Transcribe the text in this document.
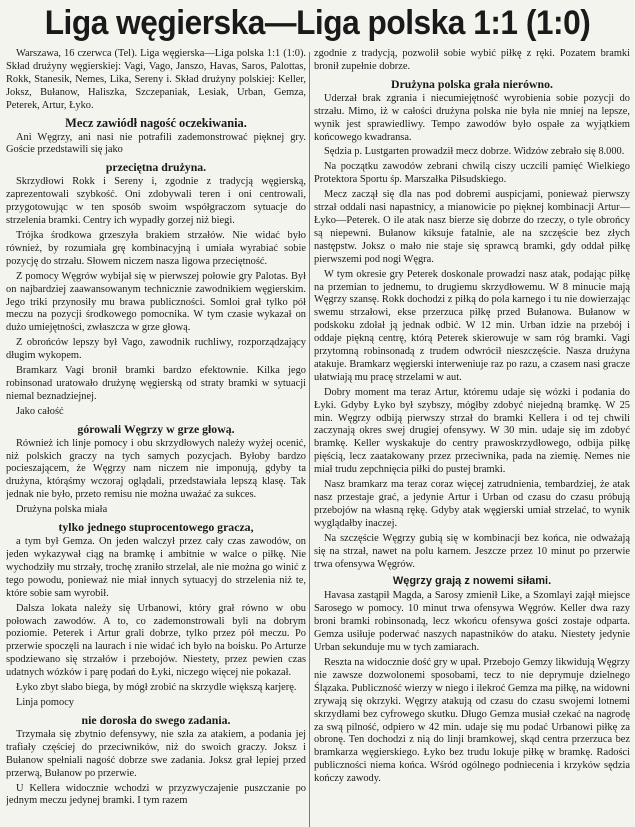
Liga węgierska—Liga polska 1:1 (1:0)

Warszawa, 16 czerwca (Tel). Liga węgierska—Liga polska 1:1 (1:0). Skład drużyny węgierskiej: Vagi, Vago, Janszo, Havas, Saros, Palottas, Rokk, Stanesik, Nemes, Lika, Sereny i. Skład drużyny polskiej: Keller, Joksz, Bułanow, Haliszka, Szczepaniak, Lesiak, Urban, Gemza, Peterek, Artur, Łyko.

Mecz zawiódł nagość oczekiwania.

Ani Węgrzy, ani nasi nie potrafili zademonstrować pięknej gry. Goście przedstawili się jako

przeciętna drużyna.

Skrzydłowi Rokk i Sereny i, zgodnie z tradycją węgierską, zaprezentowali szybkość. Oni zdobywali teren i oni centrowali, przygotowując w ten sposób swoim współgraczom sytuacje do strzelenia bramki. Centry ich wypadły gorzej niż biegi.

Trójka środkowa grzeszyła brakiem strzałów. Nie widać było również, by rozumiała grę kombinacyjną i umiała wyrabiać sobie pozycję do strzału. Słowem niczem nasza ligowa przeciętność.

Z pomocy Węgrów wybijał się w pierwszej połowie gry Palotas. Był on najbardziej zaawansowanym technicznie zawodnikiem węgierskim. Jego triki przynosiły mu brawa publiczności. Somloi grał tylko pół meczu na pozycji środkowego pomocnika. W tym czasie wykazał on dużo umiejętności, zwłaszcza w grze głową.

Z obrońców lepszy był Vago, zawodnik ruchliwy, rozporządzający długim wykopem.

Bramkarz Vagi bronił bramki bardzo efektownie. Kilka jego robinsonad uratowało drużynę węgierską od straty bramki w sytuacji niemal beznadziejnej.

Jako całość

górowali Węgrzy w grze głową.

Również ich linje pomocy i obu skrzydłowych należy wyżej ocenić, niż polskich graczy na tych samych pozycjach. Byłoby bardzo pocieszającem, że Węgrzy nam niczem nie imponują, gdyby ta drużyna, którąśmy wczoraj oglądali, przedstawiała lepszą klasę. Tak jednak nie było, przeto remisu nie można uważać za sukces.

Drużyna polska miała

tylko jednego stuprocentowego gracza,

a tym był Gemza. On jeden walczył przez cały czas zawodów, on jeden wykazywał ciąg na bramkę i ambitnie w walce o piłkę. Nie wychodziły mu strzały, trochę zraniło strzelał, ale nie można go winić z tego powodu, ponieważ nie miał innych sytuacyj do strzelenia niż te, które sobie sam wyrobił.

Dalsza lokata należy się Urbanowi, który grał równo w obu połowach zawodów. A to, co zademonstrowali byli na dobrym poziomie. Peterek i Artur grali dobrze, tylko przez pół meczu. Po przerwie spoczęli na laurach i nie widać ich było na boisku. Po Arturze spodziewano się strzałów i przebojów. Niestety, przez pewien czas udatnych wózków i parę podań do Łyki, niczego więcej nie pokazał.

Łyko zbyt słabo biega, by mógł zrobić na skrzydle większą karjerę.

Linja pomocy

nie dorosła do swego zadania.

Trzymała się zbytnio defensywy, nie szła za atakiem, a podania jej trafiały częściej do przeciwników, niż do swoich graczy. Joksz i Bułanow spełniali nagość dobrze swe zadania. Joksz grał lepiej przed przerwą, Bułanow po przerwie.

U Kellera widocznie wchodzi w przyzwyczajenie puszczanie po jednym meczu jedynej bramki. I tym razem

zgodnie z tradycją, pozwolił sobie wybić piłkę z ręki. Pozatem bramki bronił zupełnie dobrze.

Drużyna polska grała nierówno.

Uderzał brak zgrania i niecumiejętność wyrobienia sobie pozycji do strzału. Mimo, iż w całości drużyna polska nie była nie mniej na lepsze, wynik jest sprawiedliwy. Tempo zawodów było ospałe za wyjątkiem końcowego kwadransa.

Sędzia p. Lustgarten prowadził mecz dobrze. Widzów zebrało się 8.000.

Na początku zawodów zebrani chwilą ciszy uczcili pamięć Wielkiego Protektora Sportu śp. Marszałka Piłsudskiego.

Mecz zaczął się dla nas pod dobremi auspicjami, ponieważ pierwszy strzał oddali nasi napastnicy, a mianowicie po pięknej kombinacji Artur—Łyko—Peterek. O ile atak nasz bierze się dobrze do rzeczy, o tyle obrońcy są niepewni. Bułanow kiksuje fatalnie, ale na szczęście bez złych następstw. Joksz o mało nie staje się sprawcą bramki, gdy oddał piłkę pierwszemi pod nogi Węgra.

W tym okresie gry Peterek doskonale prowadzi nasz atak, podając piłkę na przemian to jednemu, to drugiemu skrzydłowemu. W 8 minucie mają Węgrzy szansę. Rokk dochodzi z piłką do pola karnego i tu nie dowierzając swemu strzałowi, ekse przerzuca piłkę przed Bułanowa. Bułanow w podskoku zdołał ją jednak odbić. W 12 min. Urban idzie na przebój i oddaje piękną centrę, którą Peterek skierowuje w sam róg bramki. Vagi przytomną robinsonadą z trudem odwrócił nieszczęście. Nasza drużyna atakuje. Bramkarz węgierski interweniuje raz po razu, a czasem nasi gracze ułatwiają mu pracę strzelami w aut.

Dobry moment ma teraz Artur, któremu udaje się wózki i podania do Łyki. Gdyby Łyko był szybszy, mógłby zdobyć niejedną bramkę. W 25 min. Węgrzy odbiją pierwszy strzał do bramki Kellera i od tej chwili zaczynają okres swej drugiej ofensywy. W 30 min. udaje się im zdobyć bramkę. Keller wyskakuje do centry prawoskrzydłowego, odbija piłkę pięścią, lecz zaatakowany przez przeciwnika, pada na ziemię. Nemes nie miał trudu zepchnięcia piłki do pustej bramki.

Nasz bramkarz ma teraz coraz więcej zatrudnienia, tembardziej, że atak nasz przestaje grać, a jedynie Artur i Urban od czasu do czasu próbują przebojów na własną rękę. Gdyby atak węgierski umiał strzelać, to wynik wyglądałby inaczej.

Na szczęście Węgrzy gubią się w kombinacji bez końca, nie odważają się na strzał, nawet na polu karnem. Jeszcze przez 10 minut po przerwie trwa ofensywa Węgrów.

Węgrzy grają z nowemi siłami.

Havasa zastąpił Magda, a Sarosy zmienił Like, a Szomlayi zajął miejsce Sarosego w pomocy. 10 minut trwa ofensywa Węgrów. Keller dwa razy broni bramki robinsonadą, lecz wkońcu ofensywa gości zostaje odparta. Gemza usiłuje poderwać naszych napastników do ataku. Niestety jedynie Urban sekunduje mu w tych zamiarach.

Reszta na widocznie dość gry w upał. Przebojo Gemzy likwidują Węgrzy nie zawsze dozwolonemi sposobami, tecz to nie deprymuje dzielnego Ślązaka. Publiczność wierzy w niego i ilekroć Gemza ma piłkę, na widowni zrywają się okrzyki. Węgrzy atakują od czasu do czasu swojemi lotnemi skrzydłami bez cyfrowego skutku. Długo Gemza musiał czekać na nagrodę za swą pilność, odpiero w 42 min. udaje się mu podać Urbanowi piłkę za obronę. Ten dochodzi z nią do linji bramkowej, skąd centra przerzuca bez bramkarza węgierskiego. Łyko bez trudu lokuje piłkę w bramkę. Radości publiczności niema końca. Wśród ogólnego podniecenia i krzyków sędzia kończy zawody.
